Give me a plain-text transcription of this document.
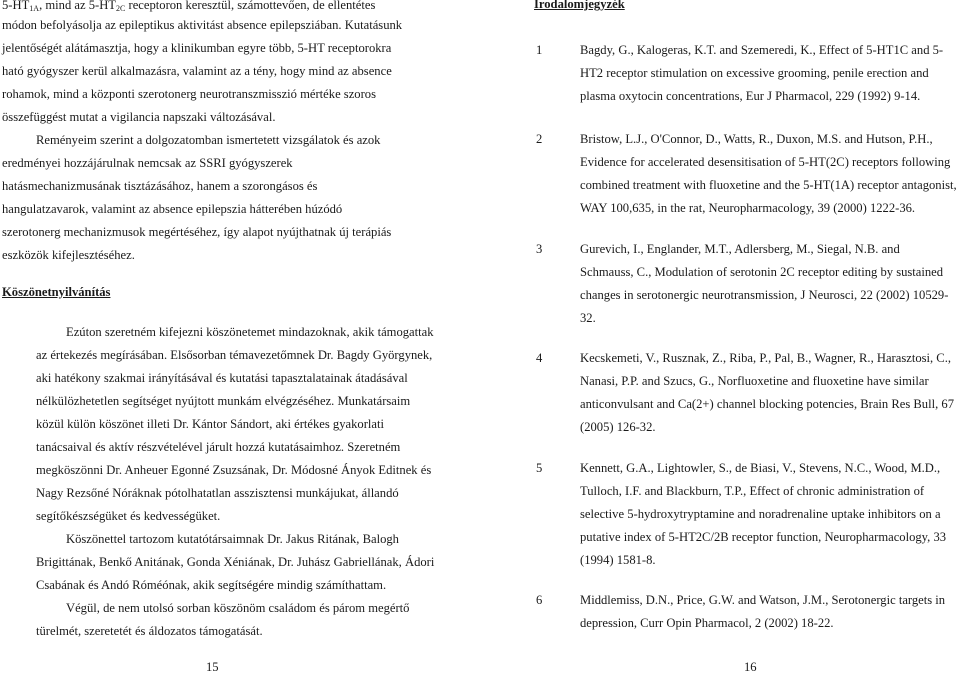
$5-HT_{1A}$, mind az $5-HT_{2C}$ receptoron keresztül, számottevően, de ellentétes
módon befolyásolja az epileptikus aktivitást absence epilepsziában. Kutatásunk
jelentőségét alátámasztja, hogy a klinikumban egyre több, 5-HT receptorokra
ható gyógyszer kerül alkalmazásra, valamint az a tény, hogy mind az absence
rohamok, mind a központi szerotonerg neurotranszmisszió mértéke szoros
összefüggést mutat a vigilancia napszaki változásával.
Reményeim szerint a dolgozatomban ismertetett vizsgálatok és azok
eredményei hozzájárulnak nemcsak az SSRI gyógyszerek
hatásmechanizmusának tisztázásához, hanem a szorongásos és
hangulatzavarok, valamint az absence epilepszia hátterében húzódó
szerotonerg mechanizmusok megértéséhez, így alapot nyújthatnak új terápiás
eszközök kifejlesztéséhez.
Köszönetnyilvánítás
Ezúton szeretném kifejezni köszönetemet mindazoknak, akik támogattak
az értekezés megírásában. Elsősorban témavezetőmnek Dr. Bagdy Györgynek,
aki hatékony szakmai irányításával és kutatási tapasztalatainak átadásával
nélkülözhetetlen segítséget nyújtott munkám elvégzéséhez. Munkatársaim
közül külön köszönet illeti Dr. Kántor Sándort, aki értékes gyakorlati
tanácsaival és aktív részvételével járult hozzá kutatásaimhoz. Szeretném
megköszönni Dr. Anheuer Egonné Zsuzsának, Dr. Módosné Ányok Editnek és
Nagy Rezsőné Nóráknak pótolhatatlan asszisztensi munkájukat, állandó
segítőkészségüket és kedvességüket.
Köszönettel tartozom kutatótársaimnak Dr. Jakus Ritának, Balogh
Brigittának, Benkő Anitának, Gonda Xéniának, Dr. Juhász Gabriellának, Ádori
Csabának és Andó Róméónak, akik segítségére mindig számíthattam.
Végül, de nem utolsó sorban köszönöm családom és párom megértő
türelmét, szeretetét és áldozatos támogatását.
15
Irodalomjegyzék
1	Bagdy, G., Kalogeras, K.T. and Szemeredi, K., Effect of 5-HT1C and 5-
HT2 receptor stimulation on excessive grooming, penile erection and
plasma oxytocin concentrations, Eur J Pharmacol, 229 (1992) 9-14.
2	Bristow, L.J., O'Connor, D., Watts, R., Duxon, M.S. and Hutson, P.H.,
Evidence for accelerated desensitisation of 5-HT(2C) receptors following
combined treatment with fluoxetine and the 5-HT(1A) receptor antagonist,
WAY 100,635, in the rat, Neuropharmacology, 39 (2000) 1222-36.
3	Gurevich, I., Englander, M.T., Adlersberg, M., Siegal, N.B. and
Schmauss, C., Modulation of serotonin 2C receptor editing by sustained
changes in serotonergic neurotransmission, J Neurosci, 22 (2002) 10529-
32.
4	Kecskemeti, V., Rusznak, Z., Riba, P., Pal, B., Wagner, R., Harasztosi, C.,
Nanasi, P.P. and Szucs, G., Norfluoxetine and fluoxetine have similar
anticonvulsant and Ca(2+) channel blocking potencies, Brain Res Bull, 67
(2005) 126-32.
5	Kennett, G.A., Lightowler, S., de Biasi, V., Stevens, N.C., Wood, M.D.,
Tulloch, I.F. and Blackburn, T.P., Effect of chronic administration of
selective 5-hydroxytryptamine and noradrenaline uptake inhibitors on a
putative index of 5-HT2C/2B receptor function, Neuropharmacology, 33
(1994) 1581-8.
6	Middlemiss, D.N., Price, G.W. and Watson, J.M., Serotonergic targets in
depression, Curr Opin Pharmacol, 2 (2002) 18-22.
16
